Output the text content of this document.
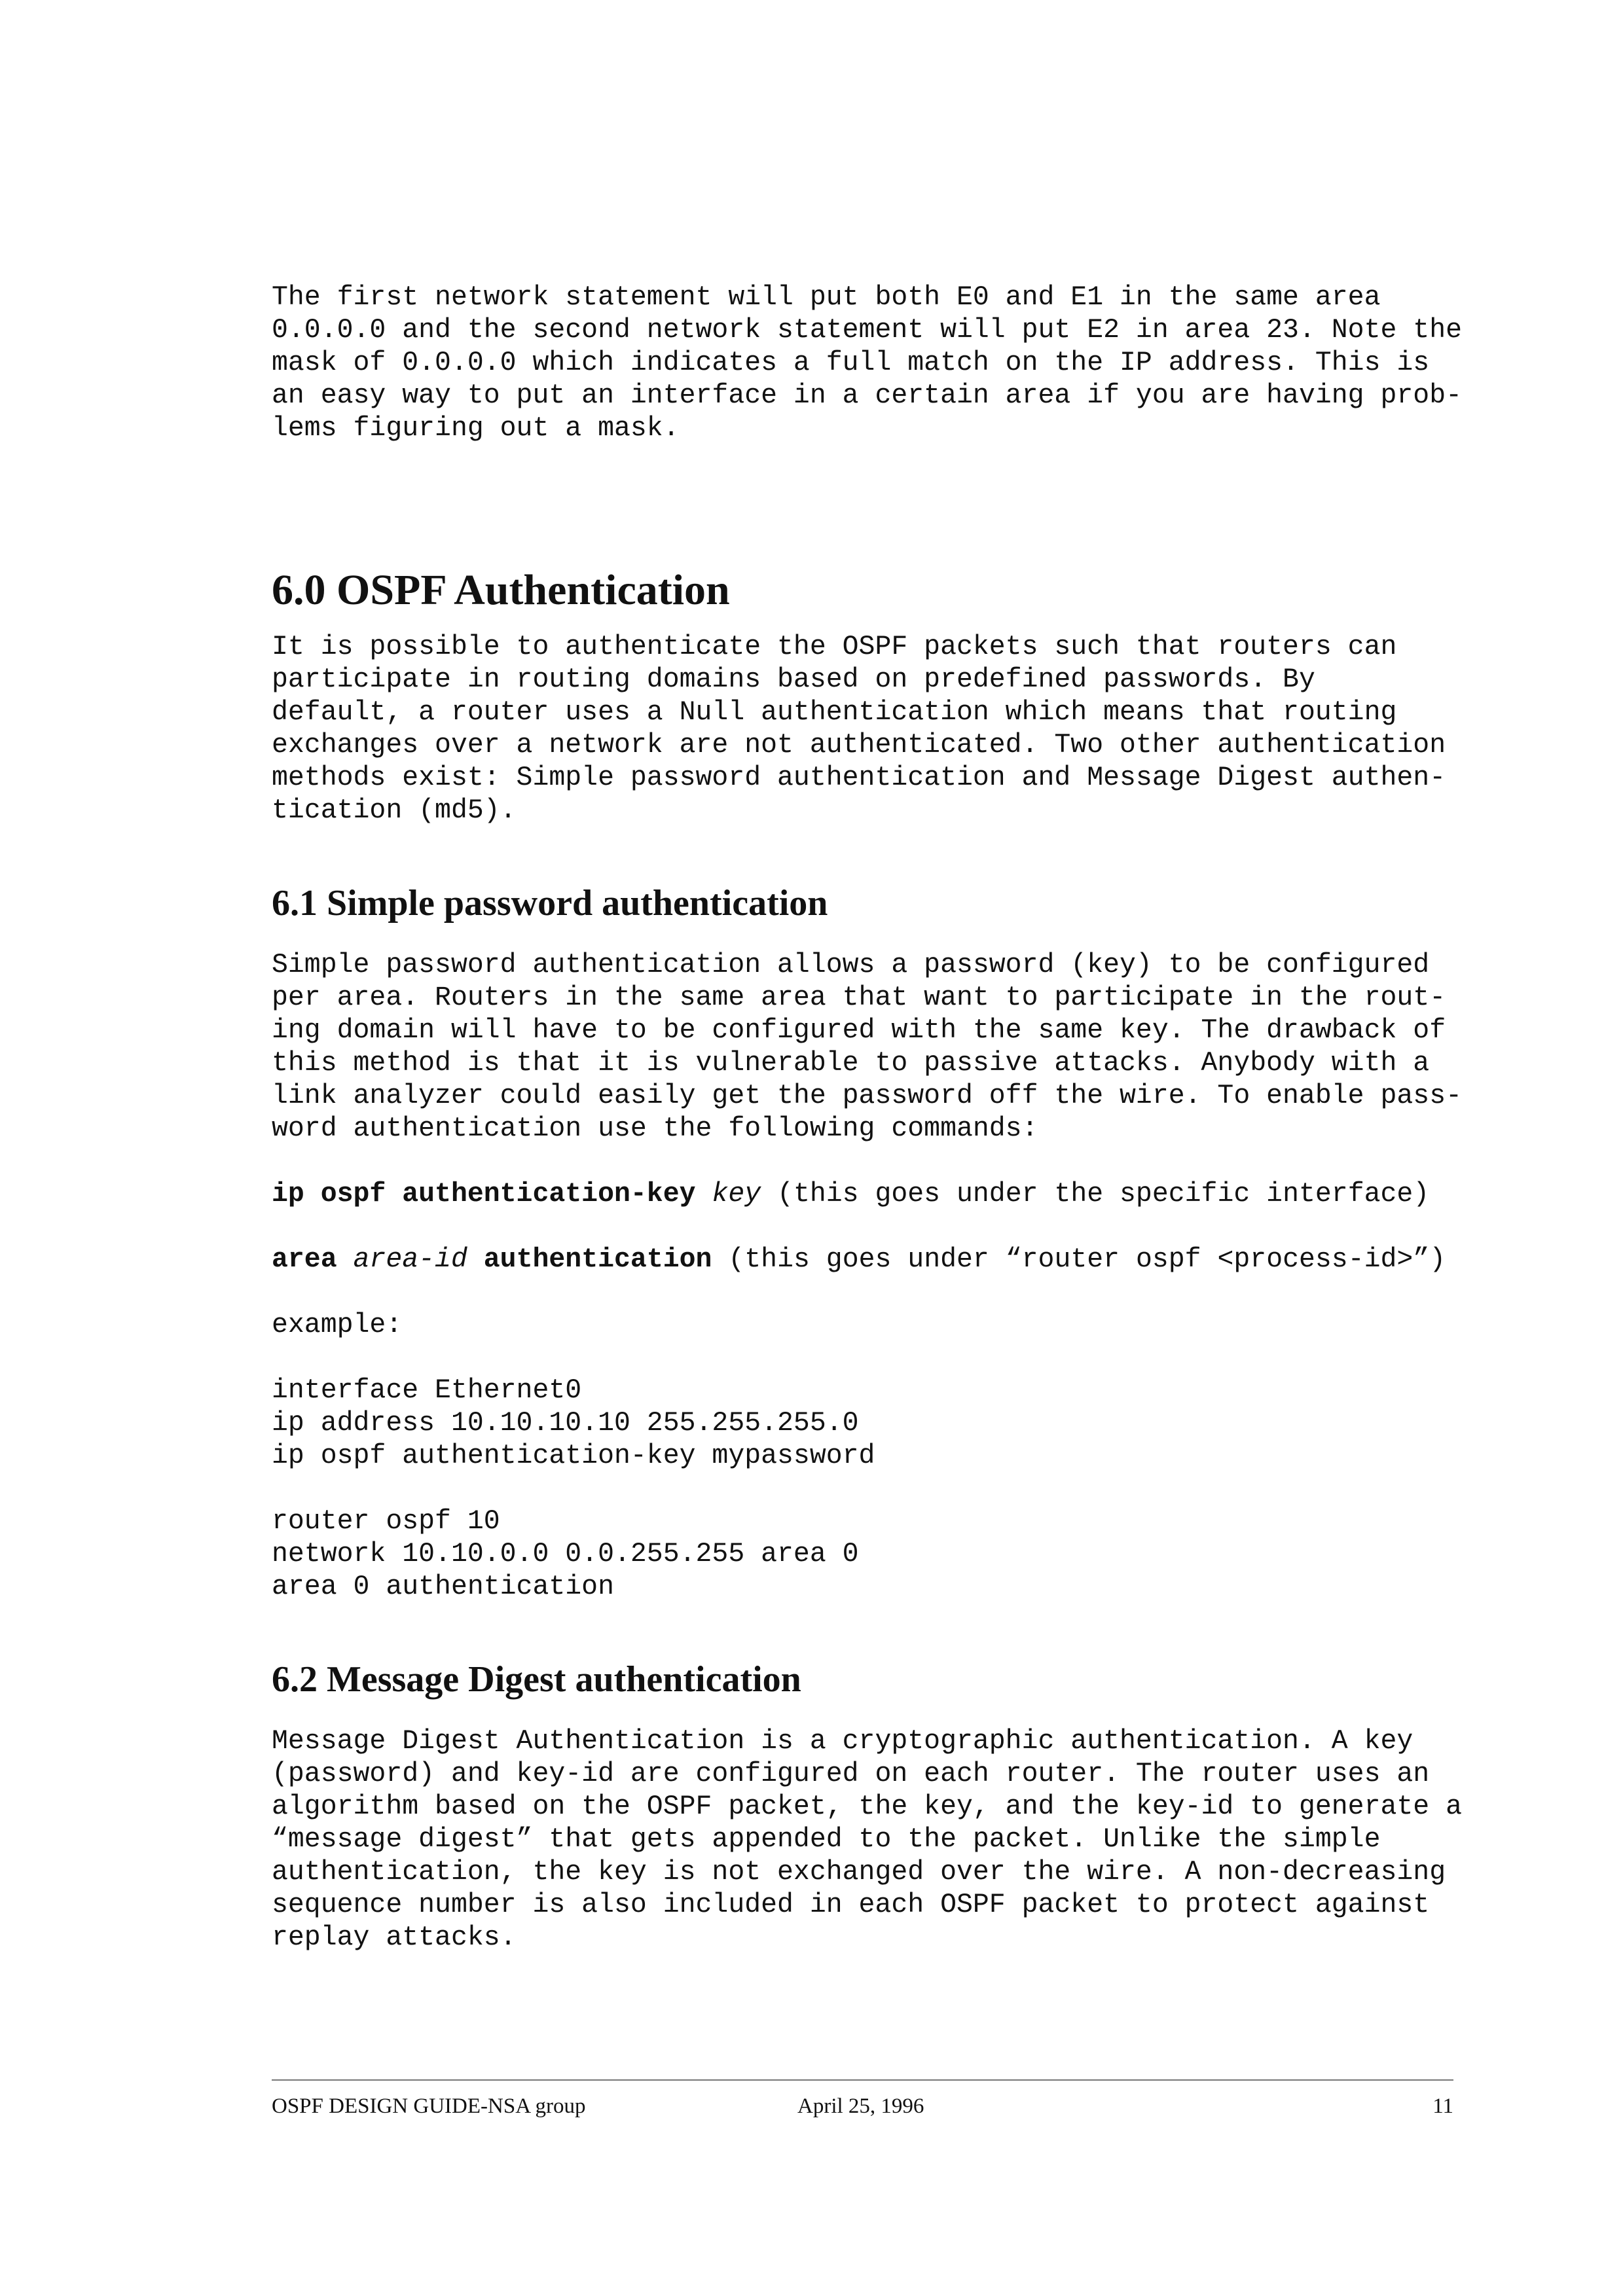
The first network statement will put both E0 and E1 in the same area

0.0.0.0 and the second network statement will put E2 in area 23. Note the

mask of 0.0.0.0 which indicates a full match on the IP address. This is

an easy way to put an interface in a certain area if you are having prob-

lems figuring out a mask.

6.0 OSPF Authentication

It is possible to authenticate the OSPF packets such that routers can

participate in routing domains based on predefined passwords. By

default, a router uses a Null authentication which means that routing

exchanges over a network are not authenticated. Two other authentication

methods exist: Simple password authentication and Message Digest authen-

tication (md5).

6.1 Simple password authentication

Simple password authentication allows a password (key) to be configured

per area. Routers in the same area that want to participate in the rout-

ing domain will have to be configured with the same key. The drawback of

this method is that it is vulnerable to passive attacks. Anybody with a

link analyzer could easily get the password off the wire. To enable pass-

word authentication use the following commands:

ip ospf authentication-key key (this goes under the specific interface)

area area-id authentication (this goes under “router ospf <process-id>”)

example:

interface Ethernet0

ip address 10.10.10.10 255.255.255.0

ip ospf authentication-key mypassword

router ospf 10

network 10.10.0.0 0.0.255.255 area 0

area 0 authentication

6.2 Message Digest authentication

Message Digest Authentication is a cryptographic authentication. A key

(password) and key-id are configured on each router. The router uses an

algorithm based on the OSPF packet, the key, and the key-id to generate a

“message digest” that gets appended to the packet. Unlike the simple

authentication, the key is not exchanged over the wire. A non-decreasing

sequence number is also included in each OSPF packet to protect against

replay attacks.

OSPF DESIGN GUIDE-NSA group	April 25, 1996	11
